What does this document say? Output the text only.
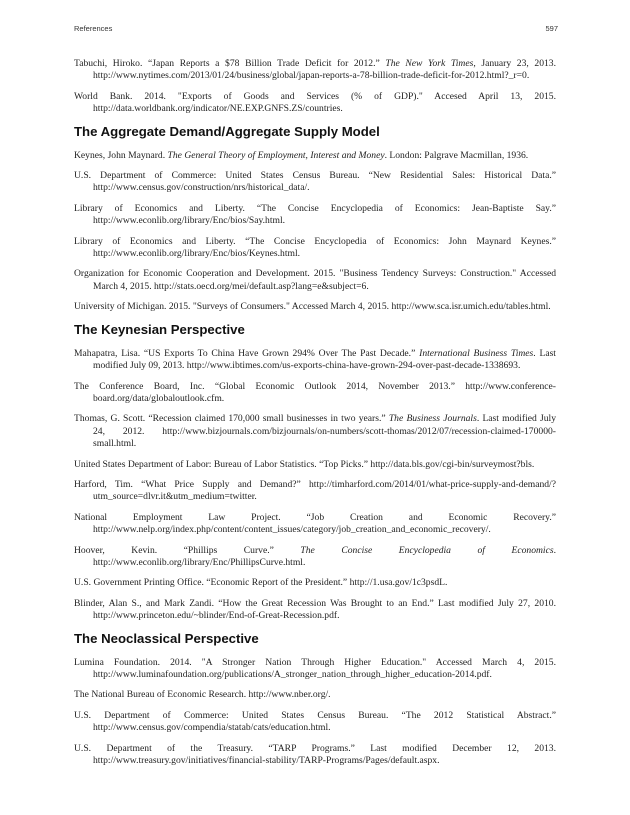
References	597

Tabuchi, Hiroko. “Japan Reports a $78 Billion Trade Deficit for 2012.” The New York Times, January 23, 2013. http://www.nytimes.com/2013/01/24/business/global/japan-reports-a-78-billion-trade-deficit-for-2012.html?_r=0.

World Bank. 2014. "Exports of Goods and Services (% of GDP)." Accesed April 13, 2015. http://data.worldbank.org/indicator/NE.EXP.GNFS.ZS/countries.

The Aggregate Demand/Aggregate Supply Model

Keynes, John Maynard. The General Theory of Employment, Interest and Money. London: Palgrave Macmillan, 1936.

U.S. Department of Commerce: United States Census Bureau. “New Residential Sales: Historical Data.” http://www.census.gov/construction/nrs/historical_data/.

Library of Economics and Liberty. “The Concise Encyclopedia of Economics: Jean-Baptiste Say.” http://www.econlib.org/library/Enc/bios/Say.html.

Library of Economics and Liberty. “The Concise Encyclopedia of Economics: John Maynard Keynes.” http://www.econlib.org/library/Enc/bios/Keynes.html.

Organization for Economic Cooperation and Development. 2015. "Business Tendency Surveys: Construction." Accessed March 4, 2015. http://stats.oecd.org/mei/default.asp?lang=e&subject=6.

University of Michigan. 2015. "Surveys of Consumers." Accessed March 4, 2015. http://www.sca.isr.umich.edu/tables.html.

The Keynesian Perspective

Mahapatra, Lisa. “US Exports To China Have Grown 294% Over The Past Decade.” International Business Times. Last modified July 09, 2013. http://www.ibtimes.com/us-exports-china-have-grown-294-over-past-decade-1338693.

The Conference Board, Inc. “Global Economic Outlook 2014, November 2013.” http://www.conference-board.org/data/globaloutlook.cfm.

Thomas, G. Scott. “Recession claimed 170,000 small businesses in two years.” The Business Journals. Last modified July 24, 2012. http://www.bizjournals.com/bizjournals/on-numbers/scott-thomas/2012/07/recession-claimed-170000-small.html.

United States Department of Labor: Bureau of Labor Statistics. “Top Picks.” http://data.bls.gov/cgi-bin/surveymost?bls.

Harford, Tim. “What Price Supply and Demand?” http://timharford.com/2014/01/what-price-supply-and-demand/?utm_source=dlvr.it&utm_medium=twitter.

National Employment Law Project. “Job Creation and Economic Recovery.” http://www.nelp.org/index.php/content/content_issues/category/job_creation_and_economic_recovery/.

Hoover, Kevin. “Phillips Curve.” The Concise Encyclopedia of Economics. http://www.econlib.org/library/Enc/PhillipsCurve.html.

U.S. Government Printing Office. “Economic Report of the President.” http://1.usa.gov/1c3psdL.

Blinder, Alan S., and Mark Zandi. “How the Great Recession Was Brought to an End.” Last modified July 27, 2010. http://www.princeton.edu/~blinder/End-of-Great-Recession.pdf.

The Neoclassical Perspective

Lumina Foundation. 2014. "A Stronger Nation Through Higher Education." Accessed March 4, 2015. http://www.luminafoundation.org/publications/A_stronger_nation_through_higher_education-2014.pdf.

The National Bureau of Economic Research. http://www.nber.org/.

U.S. Department of Commerce: United States Census Bureau. “The 2012 Statistical Abstract.” http://www.census.gov/compendia/statab/cats/education.html.

U.S. Department of the Treasury. “TARP Programs.” Last modified December 12, 2013. http://www.treasury.gov/initiatives/financial-stability/TARP-Programs/Pages/default.aspx.
